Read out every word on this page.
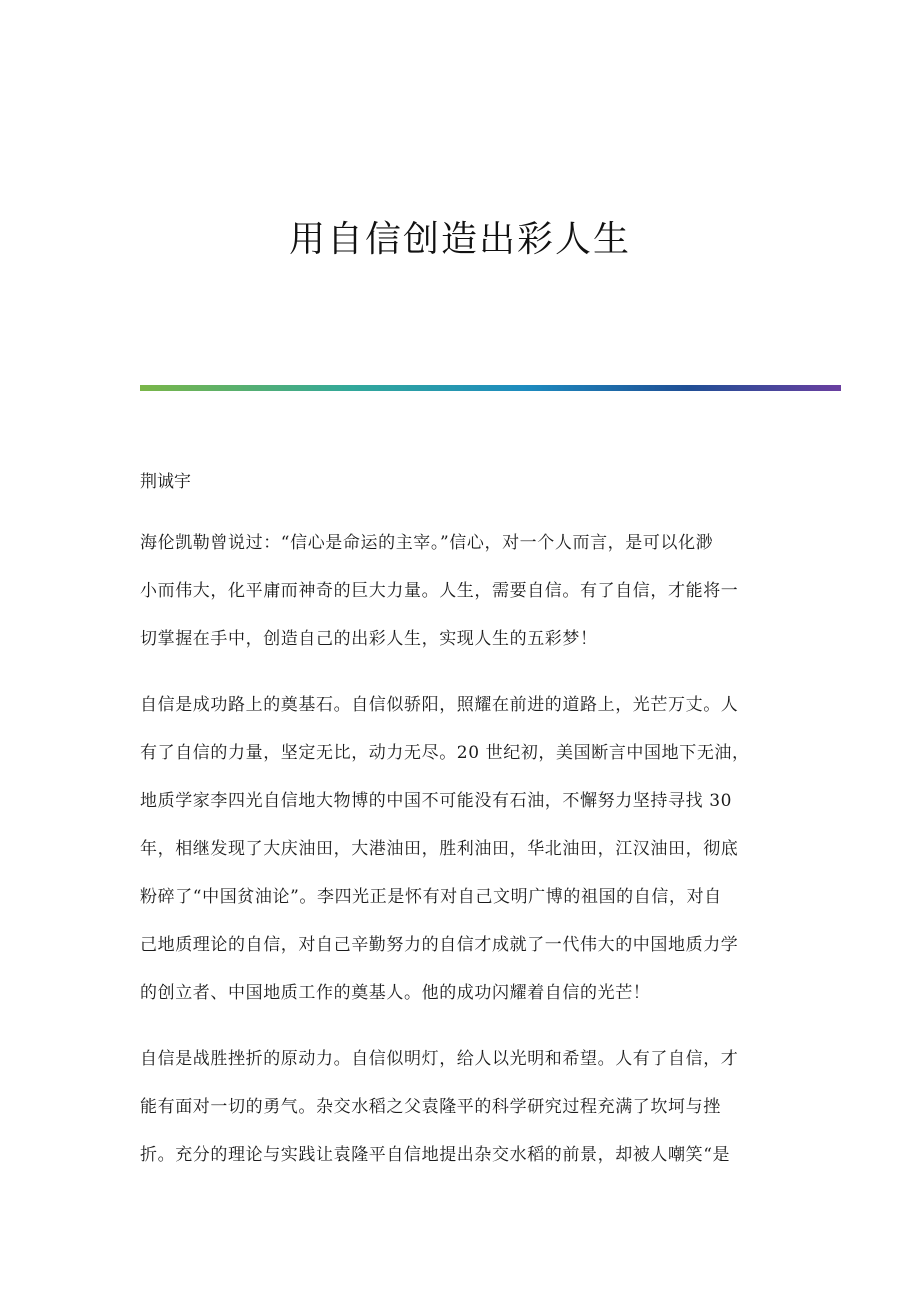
用自信创造出彩人生

荆诚宇

海伦凯勒曾说过：“信心是命运的主宰。”信心，对一个人而言，是可以化渺
小而伟大，化平庸而神奇的巨大力量。人生，需要自信。有了自信，才能将一
切掌握在手中，创造自己的出彩人生，实现人生的五彩梦！
自信是成功路上的奠基石。自信似骄阳，照耀在前进的道路上，光芒万丈。人
有了自信的力量，坚定无比，动力无尽。20 世纪初，美国断言中国地下无油，
地质学家李四光自信地大物博的中国不可能没有石油，不懈努力坚持寻找 30
年，相继发现了大庆油田，大港油田，胜利油田，华北油田，江汉油田，彻底
粉碎了“中国贫油论”。李四光正是怀有对自己文明广博的祖国的自信，对自
己地质理论的自信，对自己辛勤努力的自信才成就了一代伟大的中国地质力学
的创立者、中国地质工作的奠基人。他的成功闪耀着自信的光芒！
自信是战胜挫折的原动力。自信似明灯，给人以光明和希望。人有了自信，才
能有面对一切的勇气。杂交水稻之父袁隆平的科学研究过程充满了坎坷与挫
折。充分的理论与实践让袁隆平自信地提出杂交水稻的前景，却被人嘲笑“是
